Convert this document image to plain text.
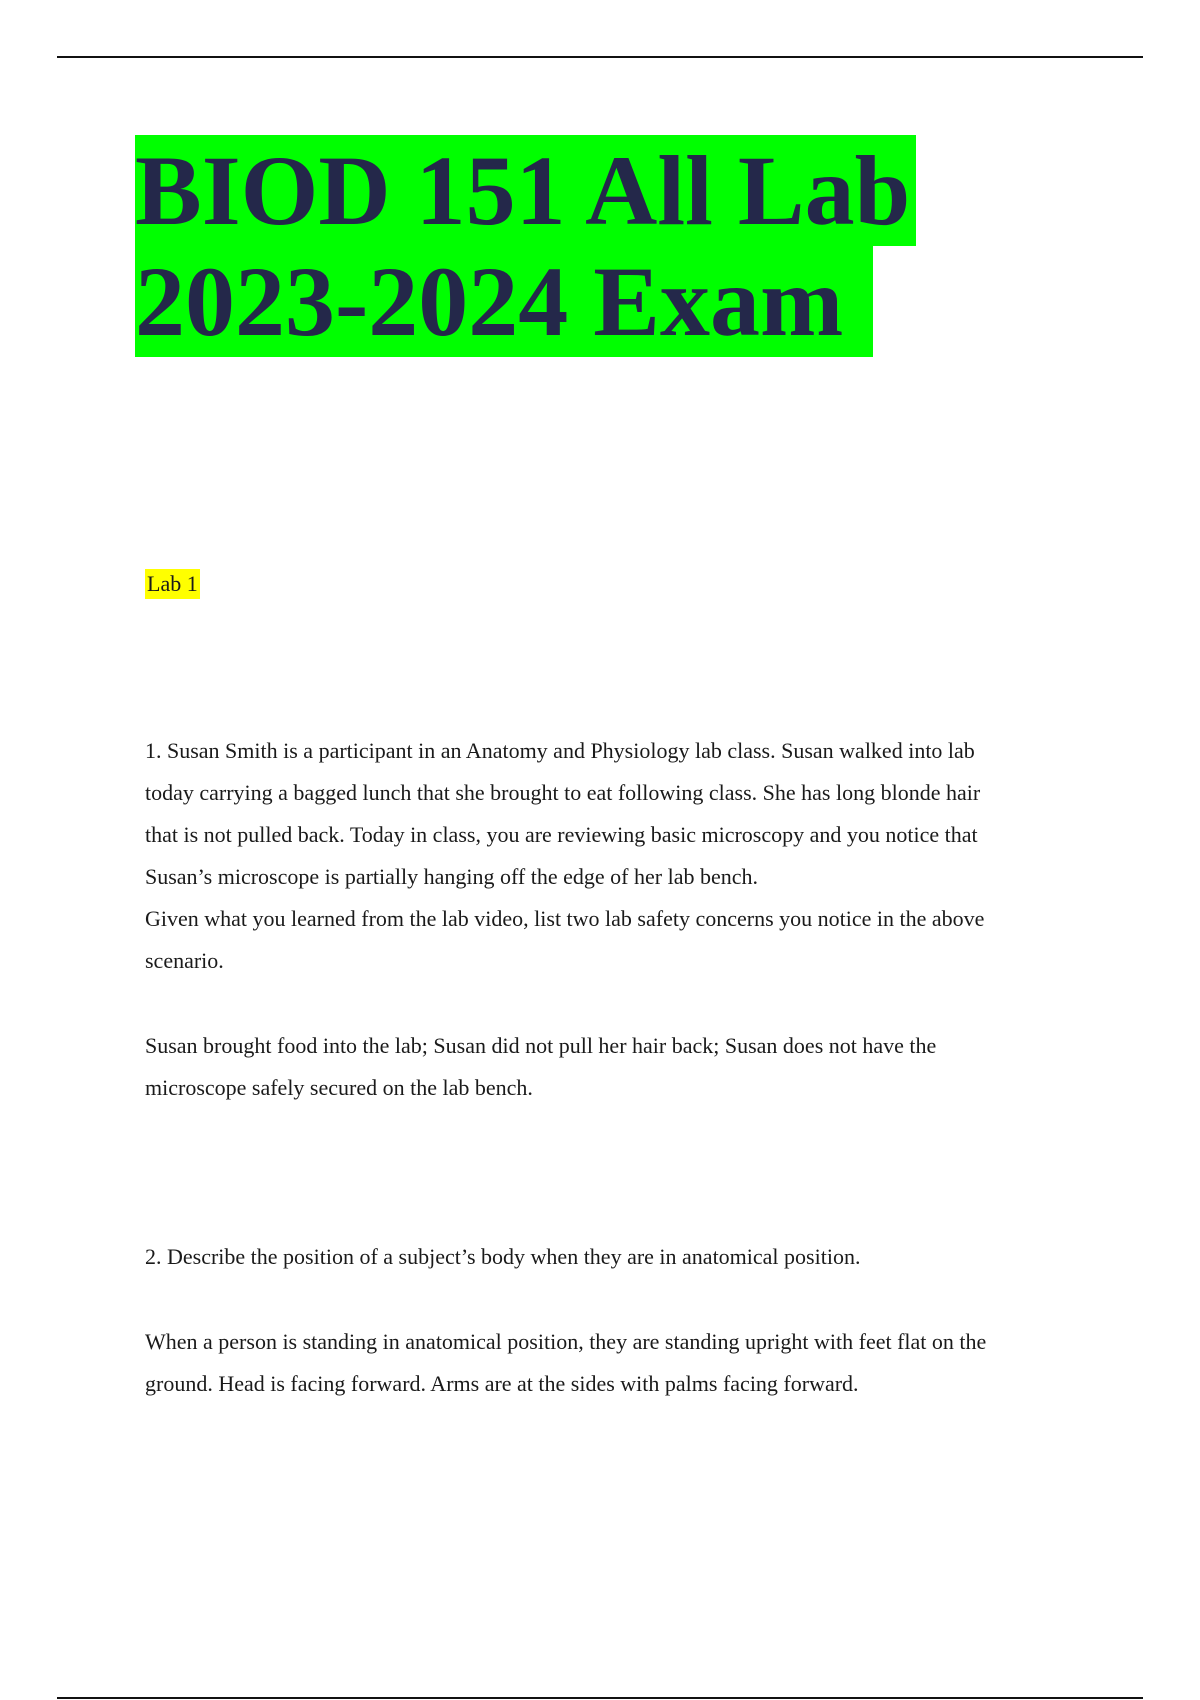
BIOD 151 All Lab
2023-2024 Exam
Lab 1
1. Susan Smith is a participant in an Anatomy and Physiology lab class. Susan walked into lab
today carrying a bagged lunch that she brought to eat following class. She has long blonde hair
that is not pulled back. Today in class, you are reviewing basic microscopy and you notice that
Susan’s microscope is partially hanging off the edge of her lab bench.
Given what you learned from the lab video, list two lab safety concerns you notice in the above
scenario.
Susan brought food into the lab; Susan did not pull her hair back; Susan does not have the
microscope safely secured on the lab bench.
2. Describe the position of a subject’s body when they are in anatomical position.
When a person is standing in anatomical position, they are standing upright with feet flat on the
ground. Head is facing forward. Arms are at the sides with palms facing forward.
